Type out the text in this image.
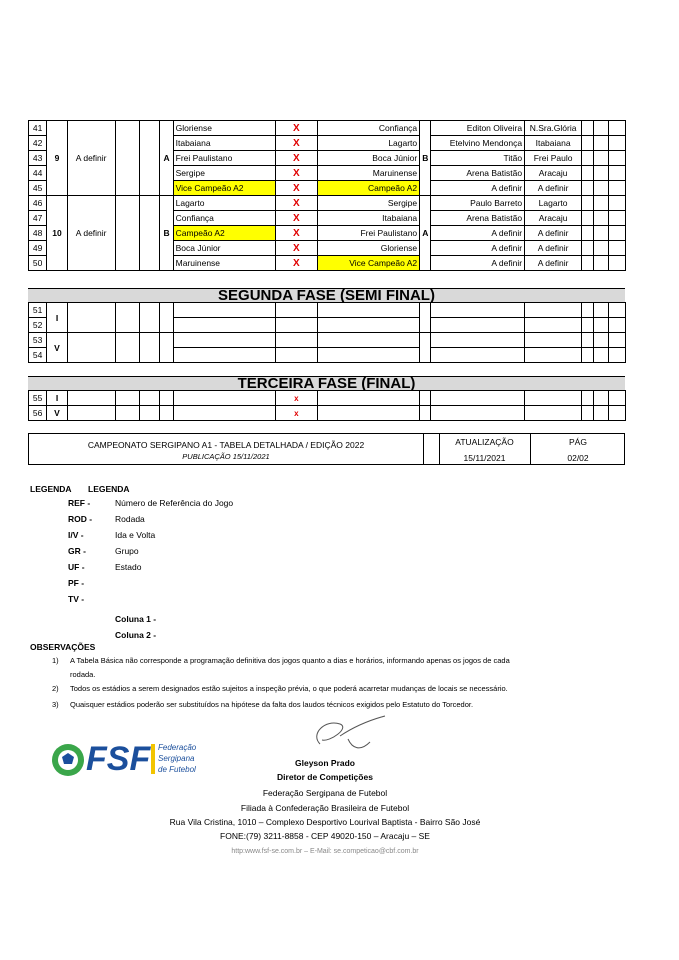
41	9	A definir			A	Gloriense	X	Confiança	B	Editon Oliveira	N.Sra.Glória			
42						Itabaiana	X	Lagarto		Etelvino Mendonça	Itabaiana			
43						Frei Paulistano	X	Boca Júnior		Titão	Frei Paulo			
44						Sergipe	X	Maruinense		Arena Batistão	Aracaju			
45						Vice Campeão A2	X	Campeão A2		A definir	A definir			
46	10	A definir			B	Lagarto	X	Sergipe	A	Paulo Barreto	Lagarto			
47						Confiança	X	Itabaiana		Arena Batistão	Aracaju			
48						Campeão A2	X	Frei Paulistano		A definir	A definir			
49						Boca Júnior	X	Gloriense		A definir	A definir			
50						Maruinense	X	Vice Campeão A2		A definir	A definir			
SEGUNDA FASE (SEMI FINAL)
51	I													
52														
53	V													
54														
TERCEIRA FASE (FINAL)
55	I						x							
56	V						x							
CAMPEONATO SERGIPANO A1 - TABELA DETALHADA / EDIÇÃO 2022
PUBLICAÇÃO 15/11/2021
ATUALIZAÇÃO
15/11/2021
PÁG
02/02
LEGENDA LEGENDA
REF -	Número de Referência do Jogo
ROD -	Rodada
I/V -	Ida e Volta
GR -	Grupo
UF -	Estado
PF -
TV -
Coluna 1 -
Coluna 2 -
OBSERVAÇÕES
1) A Tabela Básica não corresponde a programação definitiva dos jogos quanto a dias e horários, informando apenas os jogos de cada
rodada.
2) Todos os estádios a serem designados estão sujeitos a inspeção prévia, o que poderá acarretar mudanças de locais se necessário.
3) Quaisquer estádios poderão ser substituídos na hipótese da falta dos laudos técnicos exigidos pelo Estatuto do Torcedor.
FSF Federação
Sergipana
de Futebol
Gleyson Prado
Diretor de Competições
Federação Sergipana de Futebol
Filiada à Confederação Brasileira de Futebol
Rua Vila Cristina, 1010 – Complexo Desportivo Lourival Baptista - Bairro São José
FONE:(79) 3211-8858 - CEP 49020-150 – Aracaju – SE
http:www.fsf-se.com.br – E-Mail: se.competicao@cbf.com.br
